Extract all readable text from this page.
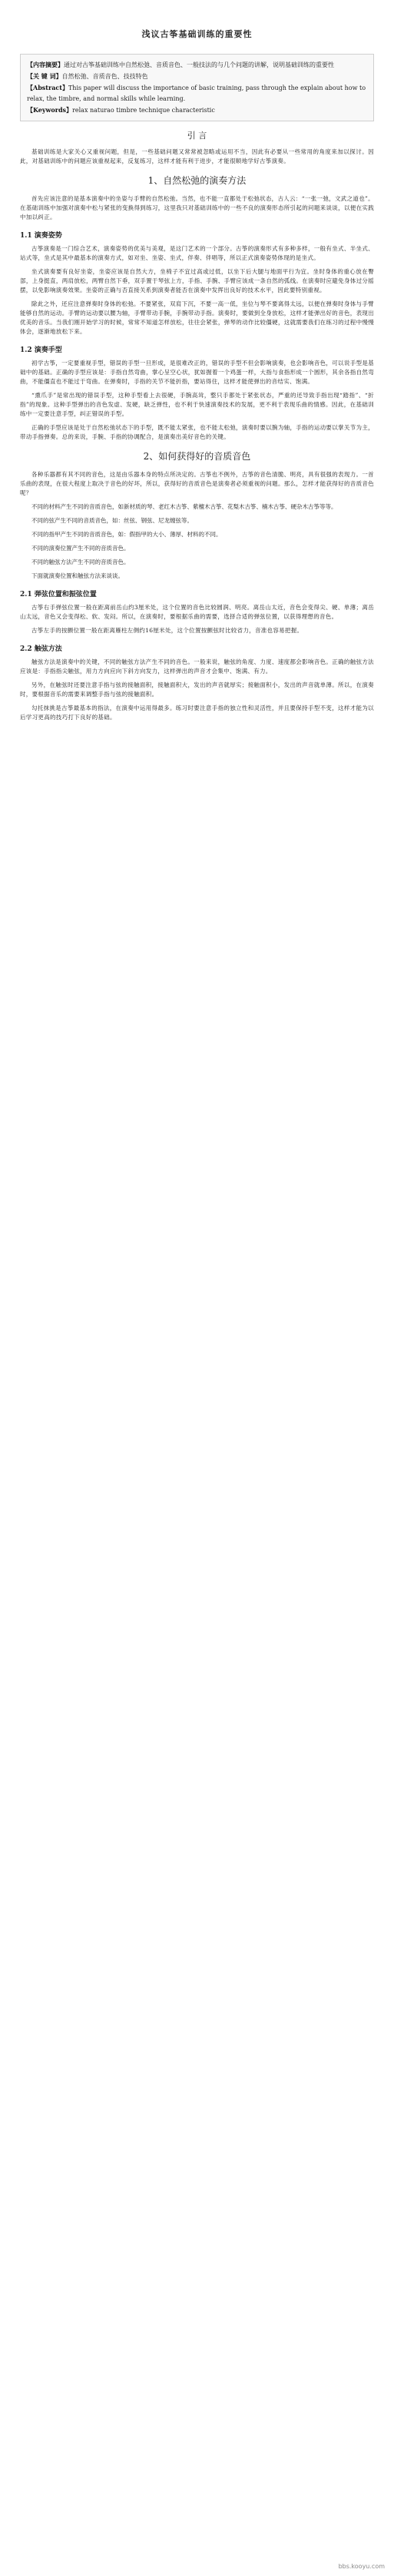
浅议古筝基础训练的重要性
【内容摘要】通过对古筝基础训练中自然松弛、音质音色、一般技法的与几个问题的讲解，说明基础训练的重要性
【关 键 词】自然松弛、音质音色、技技特色
【Abstract】This paper will discuss the importance of basic training, pass through the explain about how to relax, the timbre, and normal skills while learning.
【Keywords】relax naturao timbre technique characteristic
引 言

基础训练是大家关心又重视问题，但是，一些基础问题又常常被忽略或运用不当，因此有必要从一些常用的角度来加以探讨。因此，对基础训练中的问题应该重视起来，反复练习，这样才能有利于进步，才能很顺地学好古筝演奏。

1、自然松弛的演奏方法

首先应该注意的是基本演奏中的坐姿与手臂的自然松弛。当然，也不能一直都处于松弛状态，古人云：“一张一弛，文武之道也”。在基础训练中加强对演奏中松与紧张的变换得到练习，这里我只对基础训练中的一些不良的演奏形态所引起的问题来谈谈，以便在实践中加以纠正。

1.1 演奏姿势

古筝演奏是一门综合艺术，演奏姿势的优美与美观，是这门艺术的一个部分。古筝的演奏形式有多种多样，一般有坐式、半坐式、站式等，坐式是其中最基本的演奏方式，如对坐、坐姿、坐式，伴奏、伴唱等，所以正式演奏姿势体现的是坐式。

坐式演奏要有良好坐姿，坐姿应该是自然大方，坐椅子不宜过高或过低，以坐下后大腿与地面平行为宜。坐时身体的重心放在臀部，上身挺直，两肩放松，两臂自然下垂，双手置于琴弦上方，手指、手腕、手臂应该成一条自然的弧线。在演奏时应避免身体过分摇摆，以免影响演奏效果。坐姿的正确与否直接关系到演奏者能否在演奏中发挥出良好的技术水平，因此要特别重视。

除此之外，还应注意弹奏时身体的松弛。不要紧张，双肩下沉，不要一高一低，坐位与琴不要离得太远，以便在弹奏时身体与手臂能够自然的运动。手臂的运动要以腰为轴，手臂带动手腕，手腕带动手指。演奏时，要做到全身放松，这样才能弹出好的音色，表现出优美的音乐。当我们刚开始学习的时候，常常不知道怎样放松，往往会紧张，弹琴的动作比较僵硬，这就需要我们在练习的过程中慢慢体会，逐渐地放松下来。

1.2 演奏手型

初学古筝，一定要重视手型，错误的手型一旦形成，是很难改正的，错误的手型不但会影响演奏，也会影响音色，可以说手型是基础中的基础。正确的手型应该是：手指自然弯曲，掌心呈空心状，犹如握着一个鸡蛋一样，大指与食指形成一个圆形，其余各指自然弯曲，不能僵直也不能过于弯曲。在弹奏时，手指的关节不能折指，要站得住，这样才能使弹出的音结实、饱满。

“熏爪手”是常出现的错误手型，这种手型看上去很硬，手腕高耸，整只手都处于紧张状态，严重的还导致手指出现“踏指”、“折指”的现象。这种手型弹出的音色发虚、发硬，缺乏弹性，也不利于快速演奏技术的发展，更不利于表现乐曲的情感。因此，在基础训练中一定要注意手型，纠正错误的手型。

正确的手型应该是处于自然松弛状态下的手型，既不能太紧张，也不能太松弛，演奏时要以腕为轴，手指的运动要以掌关节为主，带动手指弹奏。总的来说，手腕、手指的协调配合，是演奏出美好音色的关键。

2、如何获得好的音质音色

各种乐器都有其不同的音色，这是由乐器本身的特点所决定的。古筝也不例外，古筝的音色清脆、明亮，具有很强的表现力。一首乐曲的表现，在很大程度上取决于音色的好坏，所以，获得好的音质音色是演奏者必须重视的问题。那么，怎样才能获得好的音质音色呢？

不同的材料产生不同的音质音色，如新材质的琴、老红木古筝、紫檀木古筝、花梨木古筝、楠木古筝、硬杂木古筝等等。

不同的弦产生不同的音质音色，如：丝弦、钢弦、尼龙缠弦等。

不同的指甲产生不同的音质音色，如：假指甲的大小、薄厚、材料的不同。

不同的演奏位置产生不同的音质音色。

不同的触弦方法产生不同的音质音色。

下面就演奏位置和触弦方法来谈谈。

2.1 弹弦位置和振弦位置

古筝右手弹弦位置一般在距离前岳山约3厘米处，这个位置的音色比较圆润、明亮。离岳山太近，音色会变得尖、硬、单薄；离岳山太远，音色又会变得松、软、发闷。所以，在演奏时，要根据乐曲的需要，选择合适的弹弦位置，以获得理想的音色。

古筝左手的按颤位置一般在距离雁柱左侧约16厘米处，这个位置按颤弦时比较省力，音准也容易把握。

2.2 触弦方法

触弦方法是演奏中的关键，不同的触弦方法产生不同的音色。一般来说，触弦的角度、力度、速度都会影响音色。正确的触弦方法应该是：手指指尖触弦，用力方向应向下斜方向发力，这样弹出的声音才会集中、饱满、有力。

另外，在触弦时还要注意手指与弦的接触面积，接触面积大，发出的声音就厚实；接触面积小，发出的声音就单薄。所以，在演奏时，要根据音乐的需要来调整手指与弦的接触面积。

勾托抹挑是古筝最基本的指法，在演奏中运用得最多。练习时要注意手指的独立性和灵活性，并且要保持手型不变，这样才能为以后学习更高的技巧打下良好的基础。

bbs.kooyu.com
